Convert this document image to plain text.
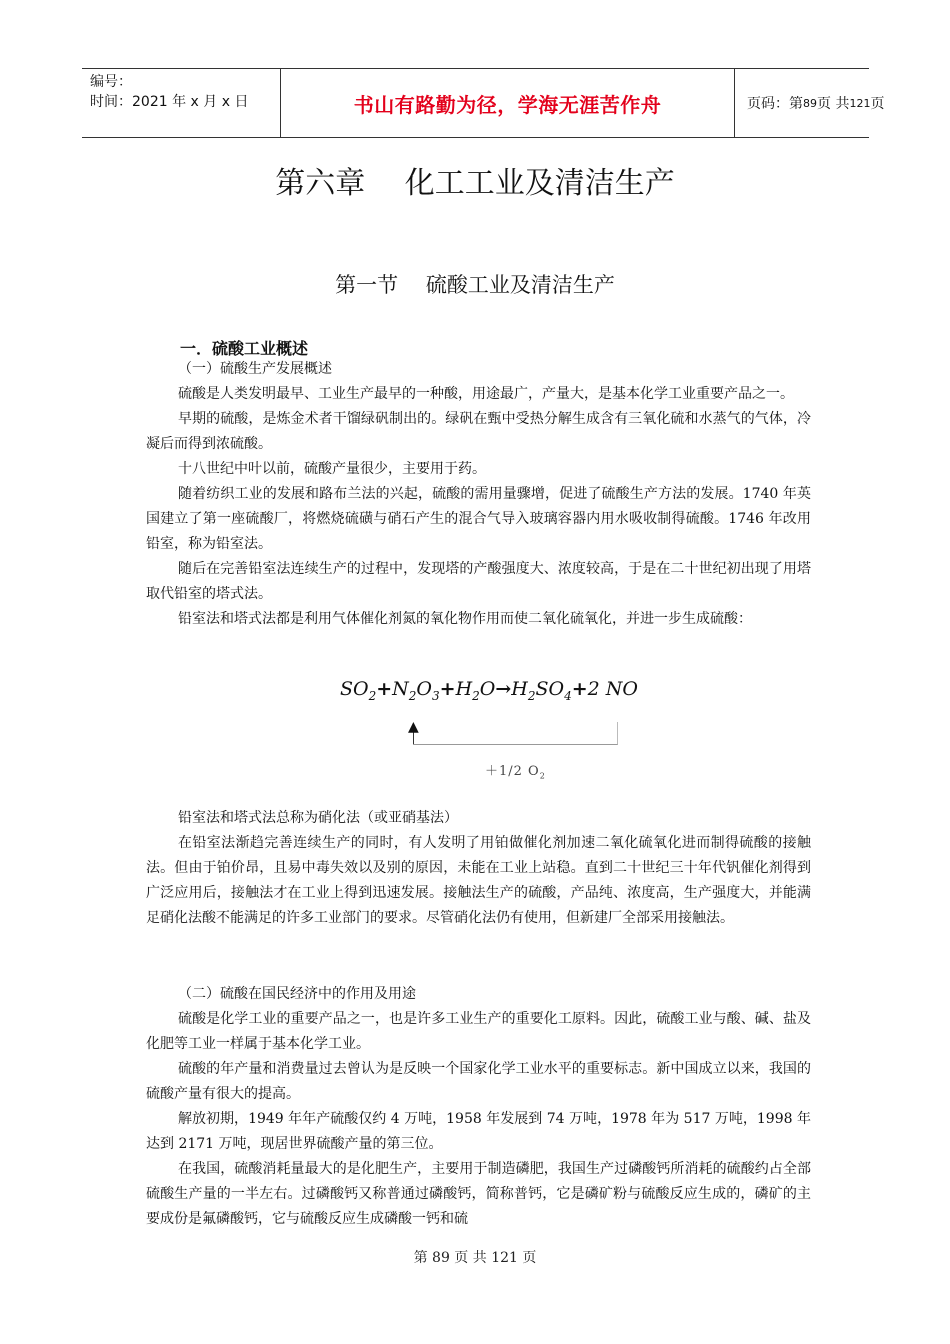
编号：
时间：2021 年 x 月 x 日	书山有路勤为径，学海无涯苦作舟	页码：第 89 页 共 121 页
第六章　 化工工业及清洁生产
第一节　 硫酸工业及清洁生产
一．硫酸工业概述

（一）硫酸生产发展概述

硫酸是人类发明最早、工业生产最早的一种酸，用途最广，产量大，是基本化学工业重要产品之一。

早期的硫酸，是炼金术者干馏绿矾制出的。绿矾在甄中受热分解生成含有三氧化硫和水蒸气的气体，冷凝后而得到浓硫酸。

十八世纪中叶以前，硫酸产量很少，主要用于药。

随着纺织工业的发展和路布兰法的兴起，硫酸的需用量骤增，促进了硫酸生产方法的发展。1740 年英国建立了第一座硫酸厂，将燃烧硫磺与硝石产生的混合气导入玻璃容器内用水吸收制得硫酸。1746 年改用铅室，称为铅室法。

随后在完善铅室法连续生产的过程中，发现塔的产酸强度大、浓度较高，于是在二十世纪初出现了用塔取代铅室的塔式法。

铅室法和塔式法都是利用气体催化剂氮的氧化物作用而使二氧化硫氧化，并进一步生成硫酸：

$SO_2+N_2O_3+H_2O\to H_2SO_4+2$ NO
▲
＋1/2 $O_2$

铅室法和塔式法总称为硝化法（或亚硝基法）

在铅室法渐趋完善连续生产的同时，有人发明了用铂做催化剂加速二氧化硫氧化进而制得硫酸的接触法。但由于铂价昂，且易中毒失效以及别的原因，未能在工业上站稳。直到二十世纪三十年代钒催化剂得到广泛应用后，接触法才在工业上得到迅速发展。接触法生产的硫酸，产品纯、浓度高，生产强度大，并能满足硝化法酸不能满足的许多工业部门的要求。尽管硝化法仍有使用，但新建厂全部采用接触法。

（二）硫酸在国民经济中的作用及用途

硫酸是化学工业的重要产品之一，也是许多工业生产的重要化工原料。因此，硫酸工业与酸、碱、盐及化肥等工业一样属于基本化学工业。

硫酸的年产量和消费量过去曾认为是反映一个国家化学工业水平的重要标志。新中国成立以来，我国的硫酸产量有很大的提高。

解放初期，1949 年年产硫酸仅约 4 万吨，1958 年发展到 74 万吨，1978 年为 517 万吨，1998 年达到 2171 万吨，现居世界硫酸产量的第三位。

在我国，硫酸消耗量最大的是化肥生产，主要用于制造磷肥，我国生产过磷酸钙所消耗的硫酸约占全部硫酸生产量的一半左右。过磷酸钙又称普通过磷酸钙，简称普钙，它是磷矿粉与硫酸反应生成的，磷矿的主要成份是氟磷酸钙，它与硫酸反应生成磷酸一钙和硫

第 89 页 共 121 页
